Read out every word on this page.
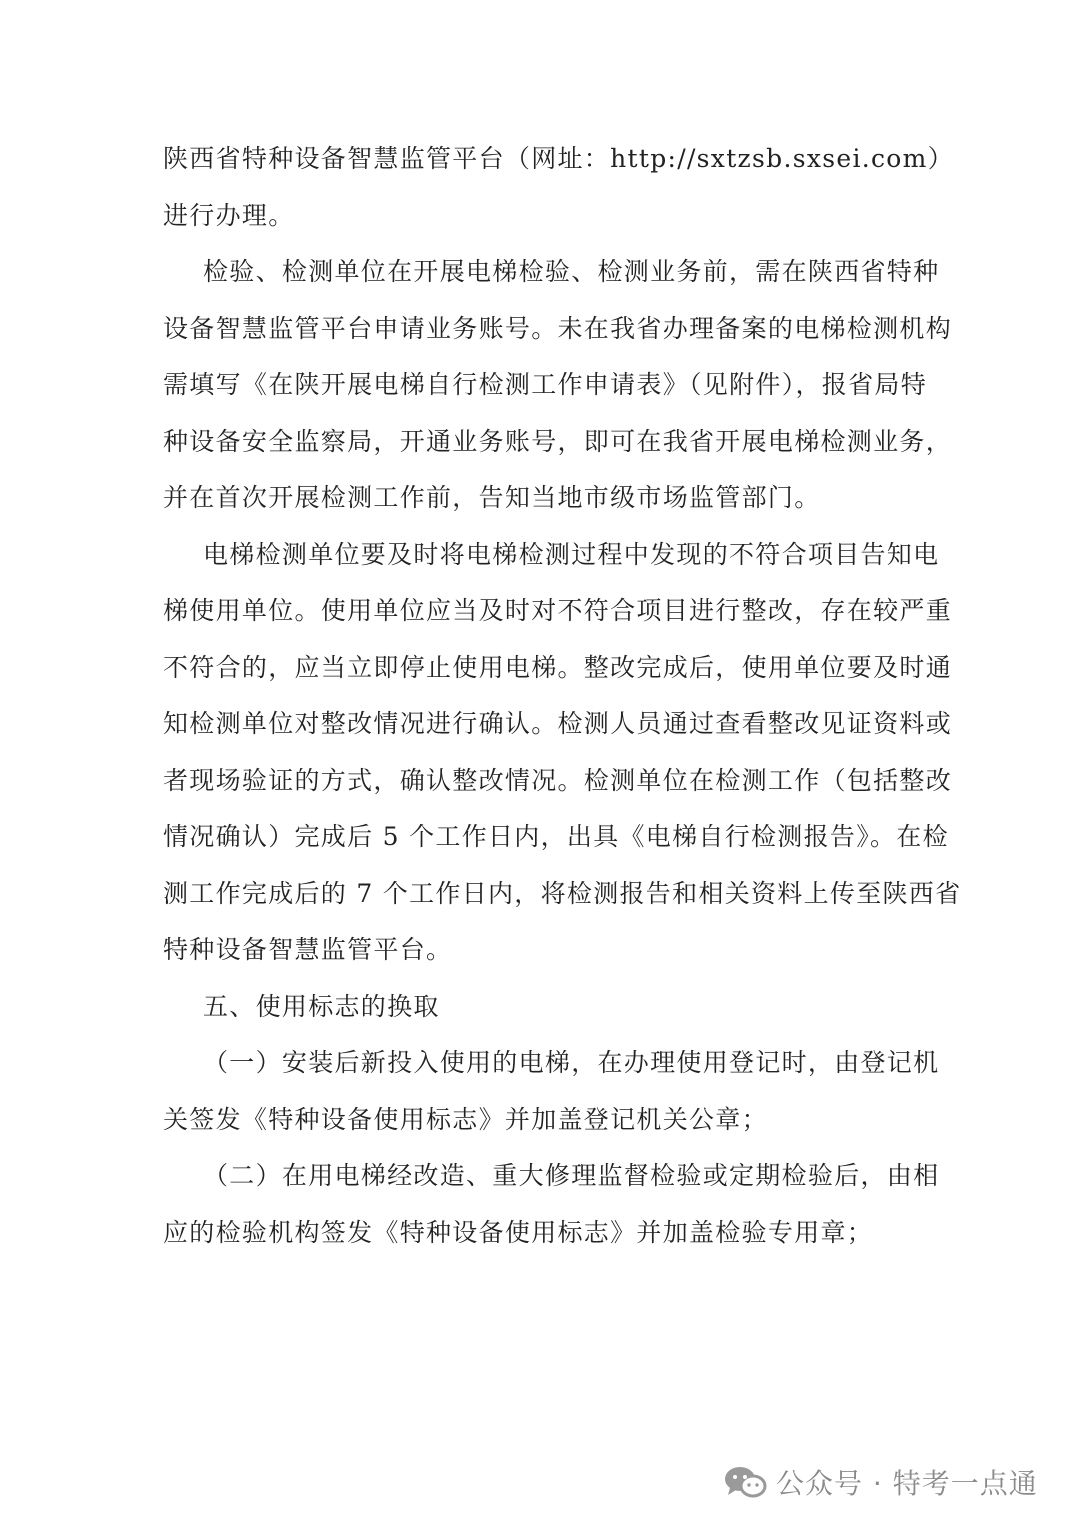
陕西省特种设备智慧监管平台（网址：http://sxtzsb.sxsei.com）
进行办理。
检验、检测单位在开展电梯检验、检测业务前，需在陕西省特种
设备智慧监管平台申请业务账号。未在我省办理备案的电梯检测机构
需填写《在陕开展电梯自行检测工作申请表》（见附件），报省局特
种设备安全监察局，开通业务账号，即可在我省开展电梯检测业务，
并在首次开展检测工作前，告知当地市级市场监管部门。
电梯检测单位要及时将电梯检测过程中发现的不符合项目告知电
梯使用单位。使用单位应当及时对不符合项目进行整改，存在较严重
不符合的，应当立即停止使用电梯。整改完成后，使用单位要及时通
知检测单位对整改情况进行确认。检测人员通过查看整改见证资料或
者现场验证的方式，确认整改情况。检测单位在检测工作（包括整改
情况确认）完成后 5 个工作日内，出具《电梯自行检测报告》。在检
测工作完成后的 7 个工作日内，将检测报告和相关资料上传至陕西省
特种设备智慧监管平台。
五、使用标志的换取
（一）安装后新投入使用的电梯，在办理使用登记时，由登记机
关签发《特种设备使用标志》并加盖登记机关公章；
（二）在用电梯经改造、重大修理监督检验或定期检验后，由相
应的检验机构签发《特种设备使用标志》并加盖检验专用章；
公众号 · 特考一点通
